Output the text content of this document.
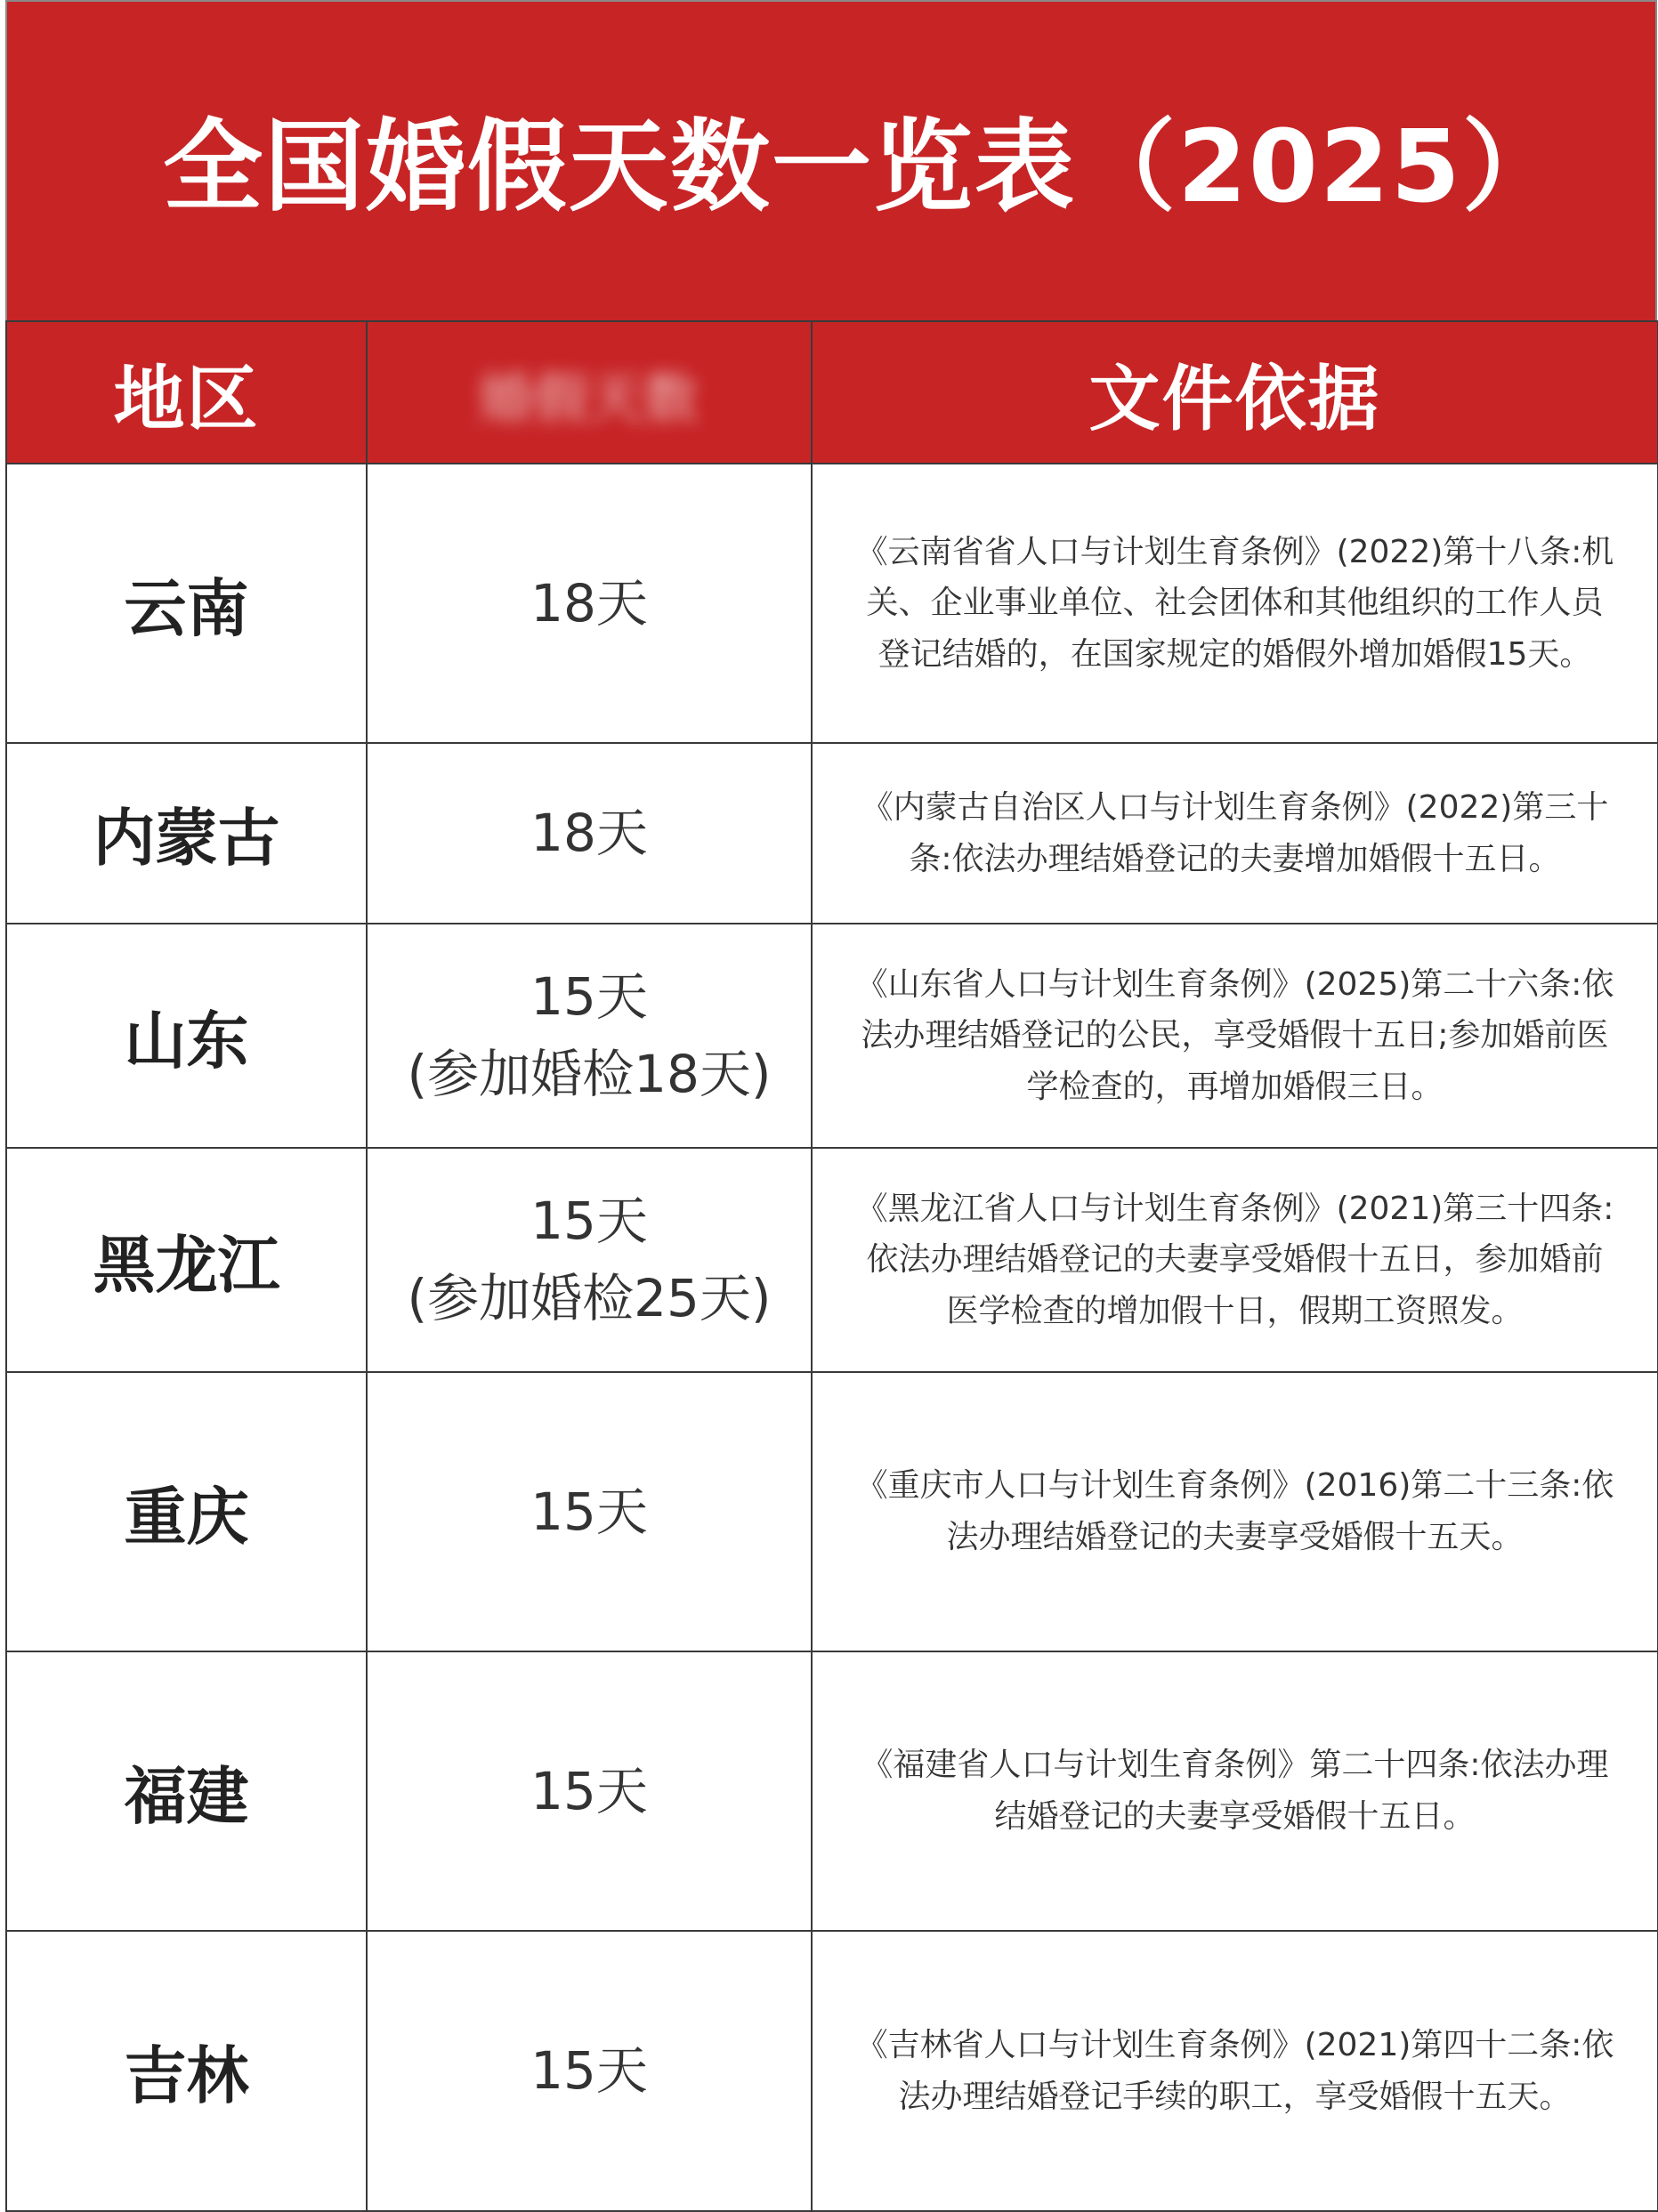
全国婚假天数一览表（2025）
地区	婚假天数	文件依据
云南	18天	《云南省省人口与计划生育条例》(2022)第十八条:机
关、企业事业单位、社会团体和其他组织的工作人员
登记结婚的，在国家规定的婚假外增加婚假15天。

内蒙古	18天	《内蒙古自治区人口与计划生育条例》(2022)第三十
条:依法办理结婚登记的夫妻增加婚假十五日。

山东	15天
(参加婚检18天)	《山东省人口与计划生育条例》(2025)第二十六条:依
法办理结婚登记的公民，享受婚假十五日;参加婚前医
学检查的，再增加婚假三日。

黑龙江	15天
(参加婚检25天)	《黑龙江省人口与计划生育条例》(2021)第三十四条:
依法办理结婚登记的夫妻享受婚假十五日，参加婚前
医学检查的增加假十日，假期工资照发。

重庆	15天	《重庆市人口与计划生育条例》(2016)第二十三条:依
法办理结婚登记的夫妻享受婚假十五天。

福建	15天	《福建省人口与计划生育条例》第二十四条:依法办理
结婚登记的夫妻享受婚假十五日。

吉林	15天	《吉林省人口与计划生育条例》(2021)第四十二条:依
法办理结婚登记手续的职工，享受婚假十五天。
